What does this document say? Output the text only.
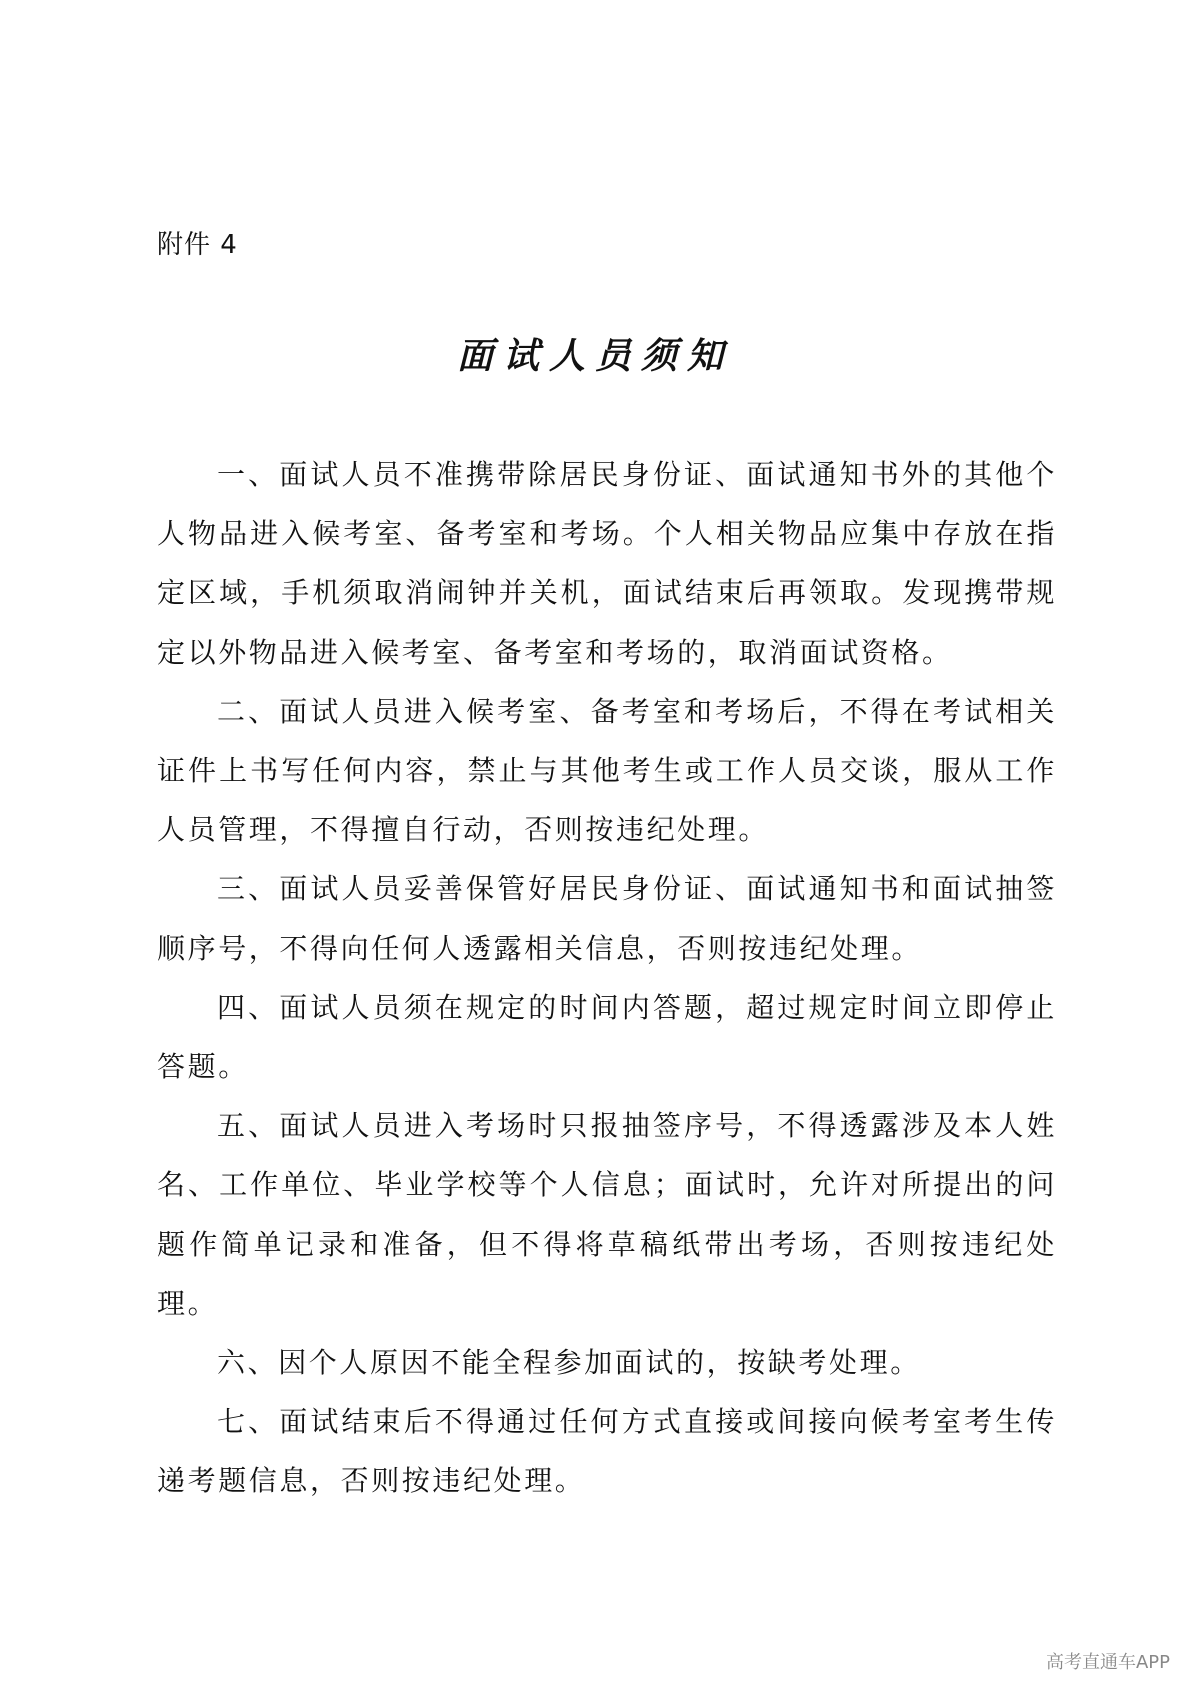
附件 4
面试人员须知

一、面试人员不准携带除居民身份证、面试通知书外的其他个人物品进入候考室、备考室和考场。个人相关物品应集中存放在指定区域，手机须取消闹钟并关机，面试结束后再领取。发现携带规定以外物品进入候考室、备考室和考场的，取消面试资格。

二、面试人员进入候考室、备考室和考场后，不得在考试相关证件上书写任何内容，禁止与其他考生或工作人员交谈，服从工作人员管理，不得擅自行动，否则按违纪处理。

三、面试人员妥善保管好居民身份证、面试通知书和面试抽签顺序号，不得向任何人透露相关信息，否则按违纪处理。

四、面试人员须在规定的时间内答题，超过规定时间立即停止答题。

五、面试人员进入考场时只报抽签序号，不得透露涉及本人姓名、工作单位、毕业学校等个人信息；面试时，允许对所提出的问题作简单记录和准备，但不得将草稿纸带出考场，否则按违纪处理。

六、因个人原因不能全程参加面试的，按缺考处理。

七、面试结束后不得通过任何方式直接或间接向候考室考生传递考题信息，否则按违纪处理。

高考直通车APP
